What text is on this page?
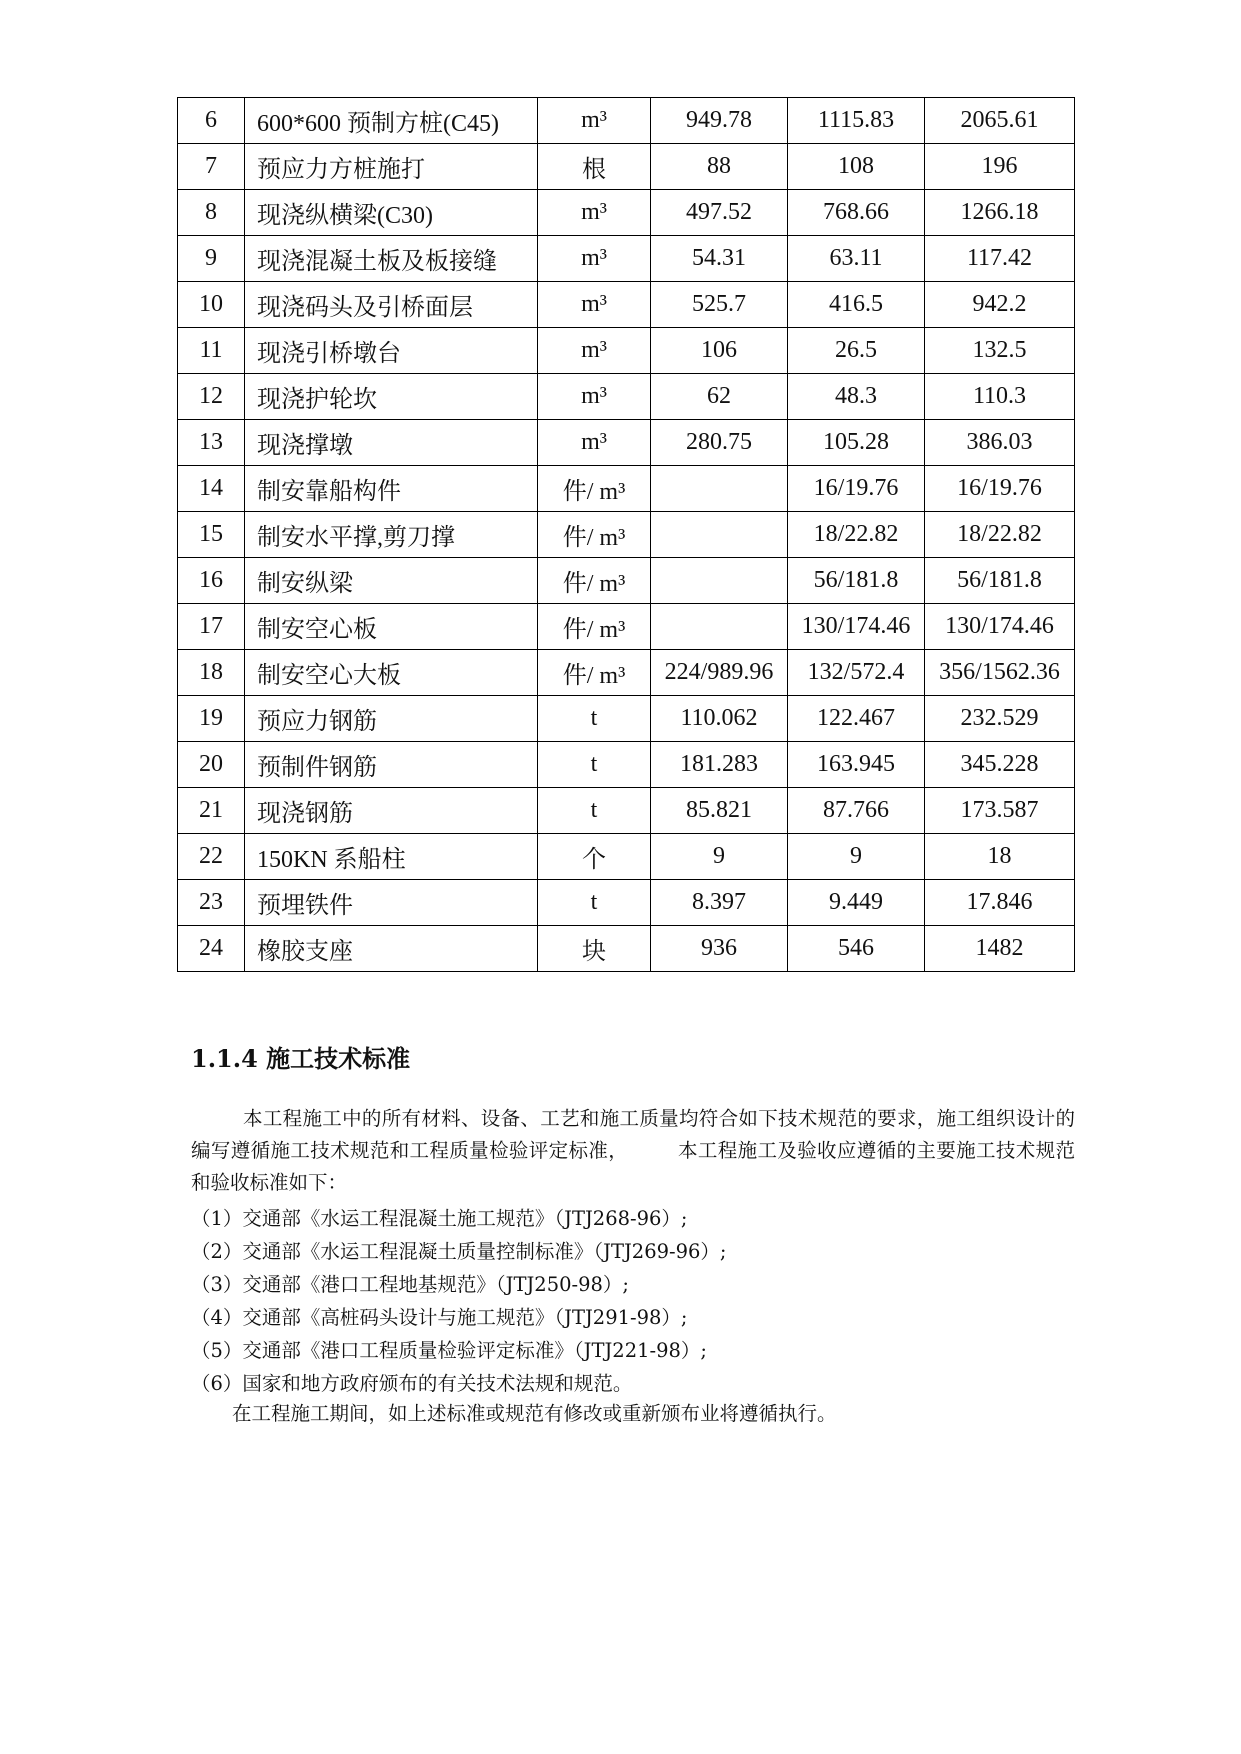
6	600*600 预制方桩(C45)	m³	949.78	1115.83	2065.61
7	预应力方桩施打	根	88	108	196
8	现浇纵横梁(C30)	m³	497.52	768.66	1266.18
9	现浇混凝土板及板接缝	m³	54.31	63.11	117.42
10	现浇码头及引桥面层	m³	525.7	416.5	942.2
11	现浇引桥墩台	m³	106	26.5	132.5
12	现浇护轮坎	m³	62	48.3	110.3
13	现浇撑墩	m³	280.75	105.28	386.03
14	制安靠船构件	件/ m³		16/19.76	16/19.76
15	制安水平撑,剪刀撑	件/ m³		18/22.82	18/22.82
16	制安纵梁	件/ m³		56/181.8	56/181.8
17	制安空心板	件/ m³		130/174.46	130/174.46
18	制安空心大板	件/ m³	224/989.96	132/572.4	356/1562.36
19	预应力钢筋	t	110.062	122.467	232.529
20	预制件钢筋	t	181.283	163.945	345.228
21	现浇钢筋	t	85.821	87.766	173.587
22	150KN 系船柱	个	9	9	18
23	预埋铁件	t	8.397	9.449	17.846
24	橡胶支座	块	936	546	1482
1.1.4 施工技术标准

本工程施工中的所有材料、设备、工艺和施工质量均符合如下技术规范的要求，施工组织设计的编写遵循施工技术规范和工程质量检验评定标准，　　　本工程施工及验收应遵循的主要施工技术规范和验收标准如下：

（1）交通部《水运工程混凝土施工规范》（JTJ268-96）;
（2）交通部《水运工程混凝土质量控制标准》（JTJ269-96）;
（3）交通部《港口工程地基规范》（JTJ250-98）;
（4）交通部《高桩码头设计与施工规范》（JTJ291-98）;
（5）交通部《港口工程质量检验评定标准》（JTJ221-98）;
（6）国家和地方政府颁布的有关技术法规和规范。

在工程施工期间，如上述标准或规范有修改或重新颁布业将遵循执行。
